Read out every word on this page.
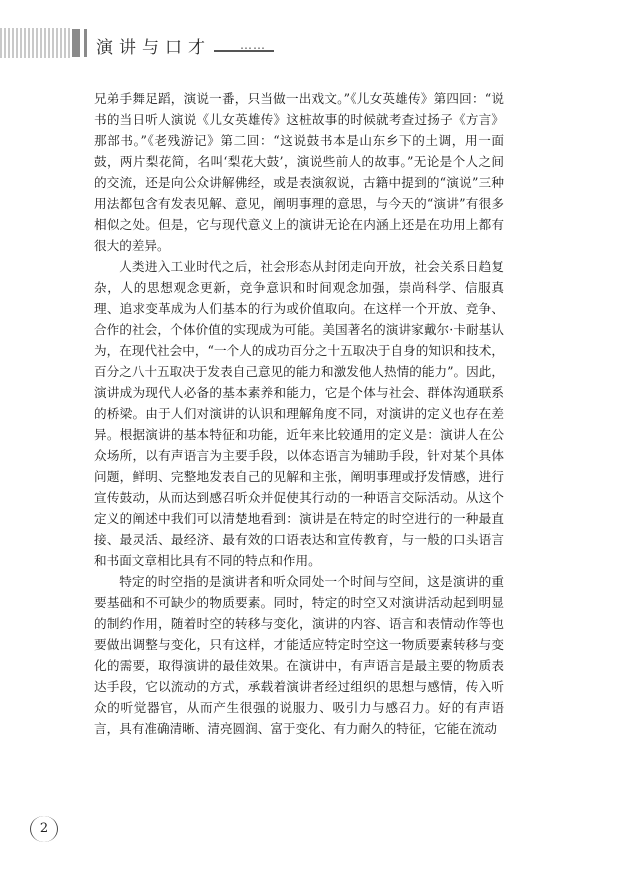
演讲与口才 ……

兄弟手舞足蹈，演说一番，只当做一出戏文。”《儿女英雄传》第四回：“说书的当日听人演说《儿女英雄传》这桩故事的时候就考查过扬子《方言》那部书。”《老残游记》第二回：“这说鼓书本是山东乡下的土调，用一面鼓，两片梨花简，名叫‘梨花大鼓’，演说些前人的故事。”无论是个人之间的交流，还是向公众讲解佛经，或是表演叙说，古籍中提到的“演说”三种用法都包含有发表见解、意见，阐明事理的意思，与今天的“演讲”有很多相似之处。但是，它与现代意义上的演讲无论在内涵上还是在功用上都有很大的差异。

人类进入工业时代之后，社会形态从封闭走向开放，社会关系日趋复杂，人的思想观念更新，竞争意识和时间观念加强，崇尚科学、信服真理、追求变革成为人们基本的行为或价值取向。在这样一个开放、竞争、合作的社会，个体价值的实现成为可能。美国著名的演讲家戴尔·卡耐基认为，在现代社会中，“一个人的成功百分之十五取决于自身的知识和技术，百分之八十五取决于发表自己意见的能力和激发他人热情的能力”。因此，演讲成为现代人必备的基本素养和能力，它是个体与社会、群体沟通联系的桥梁。由于人们对演讲的认识和理解角度不同，对演讲的定义也存在差异。根据演讲的基本特征和功能，近年来比较通用的定义是：演讲人在公众场所，以有声语言为主要手段，以体态语言为辅助手段，针对某个具体问题，鲜明、完整地发表自己的见解和主张，阐明事理或抒发情感，进行宣传鼓动，从而达到感召听众并促使其行动的一种语言交际活动。从这个定义的阐述中我们可以清楚地看到：演讲是在特定的时空进行的一种最直接、最灵活、最经济、最有效的口语表达和宣传教育，与一般的口头语言和书面文章相比具有不同的特点和作用。

特定的时空指的是演讲者和听众同处一个时间与空间，这是演讲的重要基础和不可缺少的物质要素。同时，特定的时空又对演讲活动起到明显的制约作用，随着时空的转移与变化，演讲的内容、语言和表情动作等也要做出调整与变化，只有这样，才能适应特定时空这一物质要素转移与变化的需要，取得演讲的最佳效果。在演讲中，有声语言是最主要的物质表达手段，它以流动的方式，承载着演讲者经过组织的思想与感情，传入听众的听觉器官，从而产生很强的说服力、吸引力与感召力。好的有声语言，具有准确清晰、清亮圆润、富于变化、有力耐久的特征，它能在流动

2
